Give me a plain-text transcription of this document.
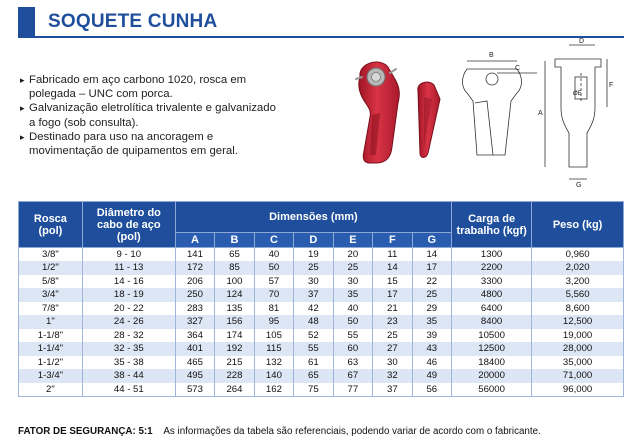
SOQUETE CUNHA
▸ Fabricado em aço carbono 1020, rosca em polegada – UNC com porca.
▸ Galvanização eletrolítica trivalente e galvanizado a fogo (sob consulta).
▸ Destinado para uso na ancoragem e movimentação de quipamentos em geral.
B
C
D
A
ØE
F
G
Rosca (pol)	Diâmetro do cabo de aço (pol)	Dimensões (mm)							Carga de trabalho (kgf)	Peso (kg)
		A	B	C	D	E	F	G		
3/8"	9 - 10	141	65	40	19	20	11	14	1300	0,960
1/2"	11 - 13	172	85	50	25	25	14	17	2200	2,020
5/8"	14 - 16	206	100	57	30	30	15	22	3300	3,200
3/4"	18 - 19	250	124	70	37	35	17	25	4800	5,560
7/8"	20 - 22	283	135	81	42	40	21	29	6400	8,600
1"	24 - 26	327	156	95	48	50	23	35	8400	12,500
1-1/8"	28 - 32	364	174	105	52	55	25	39	10500	19,000
1-1/4"	32 - 35	401	192	115	55	60	27	43	12500	28,000
1-1/2"	35 - 38	465	215	132	61	63	30	46	18400	35,000
1-3/4"	38 - 44	495	228	140	65	67	32	49	20000	71,000
2"	44 - 51	573	264	162	75	77	37	56	56000	96,000
FATOR DE SEGURANÇA: 5:1 As informações da tabela são referenciais, podendo variar de acordo com o fabricante.
